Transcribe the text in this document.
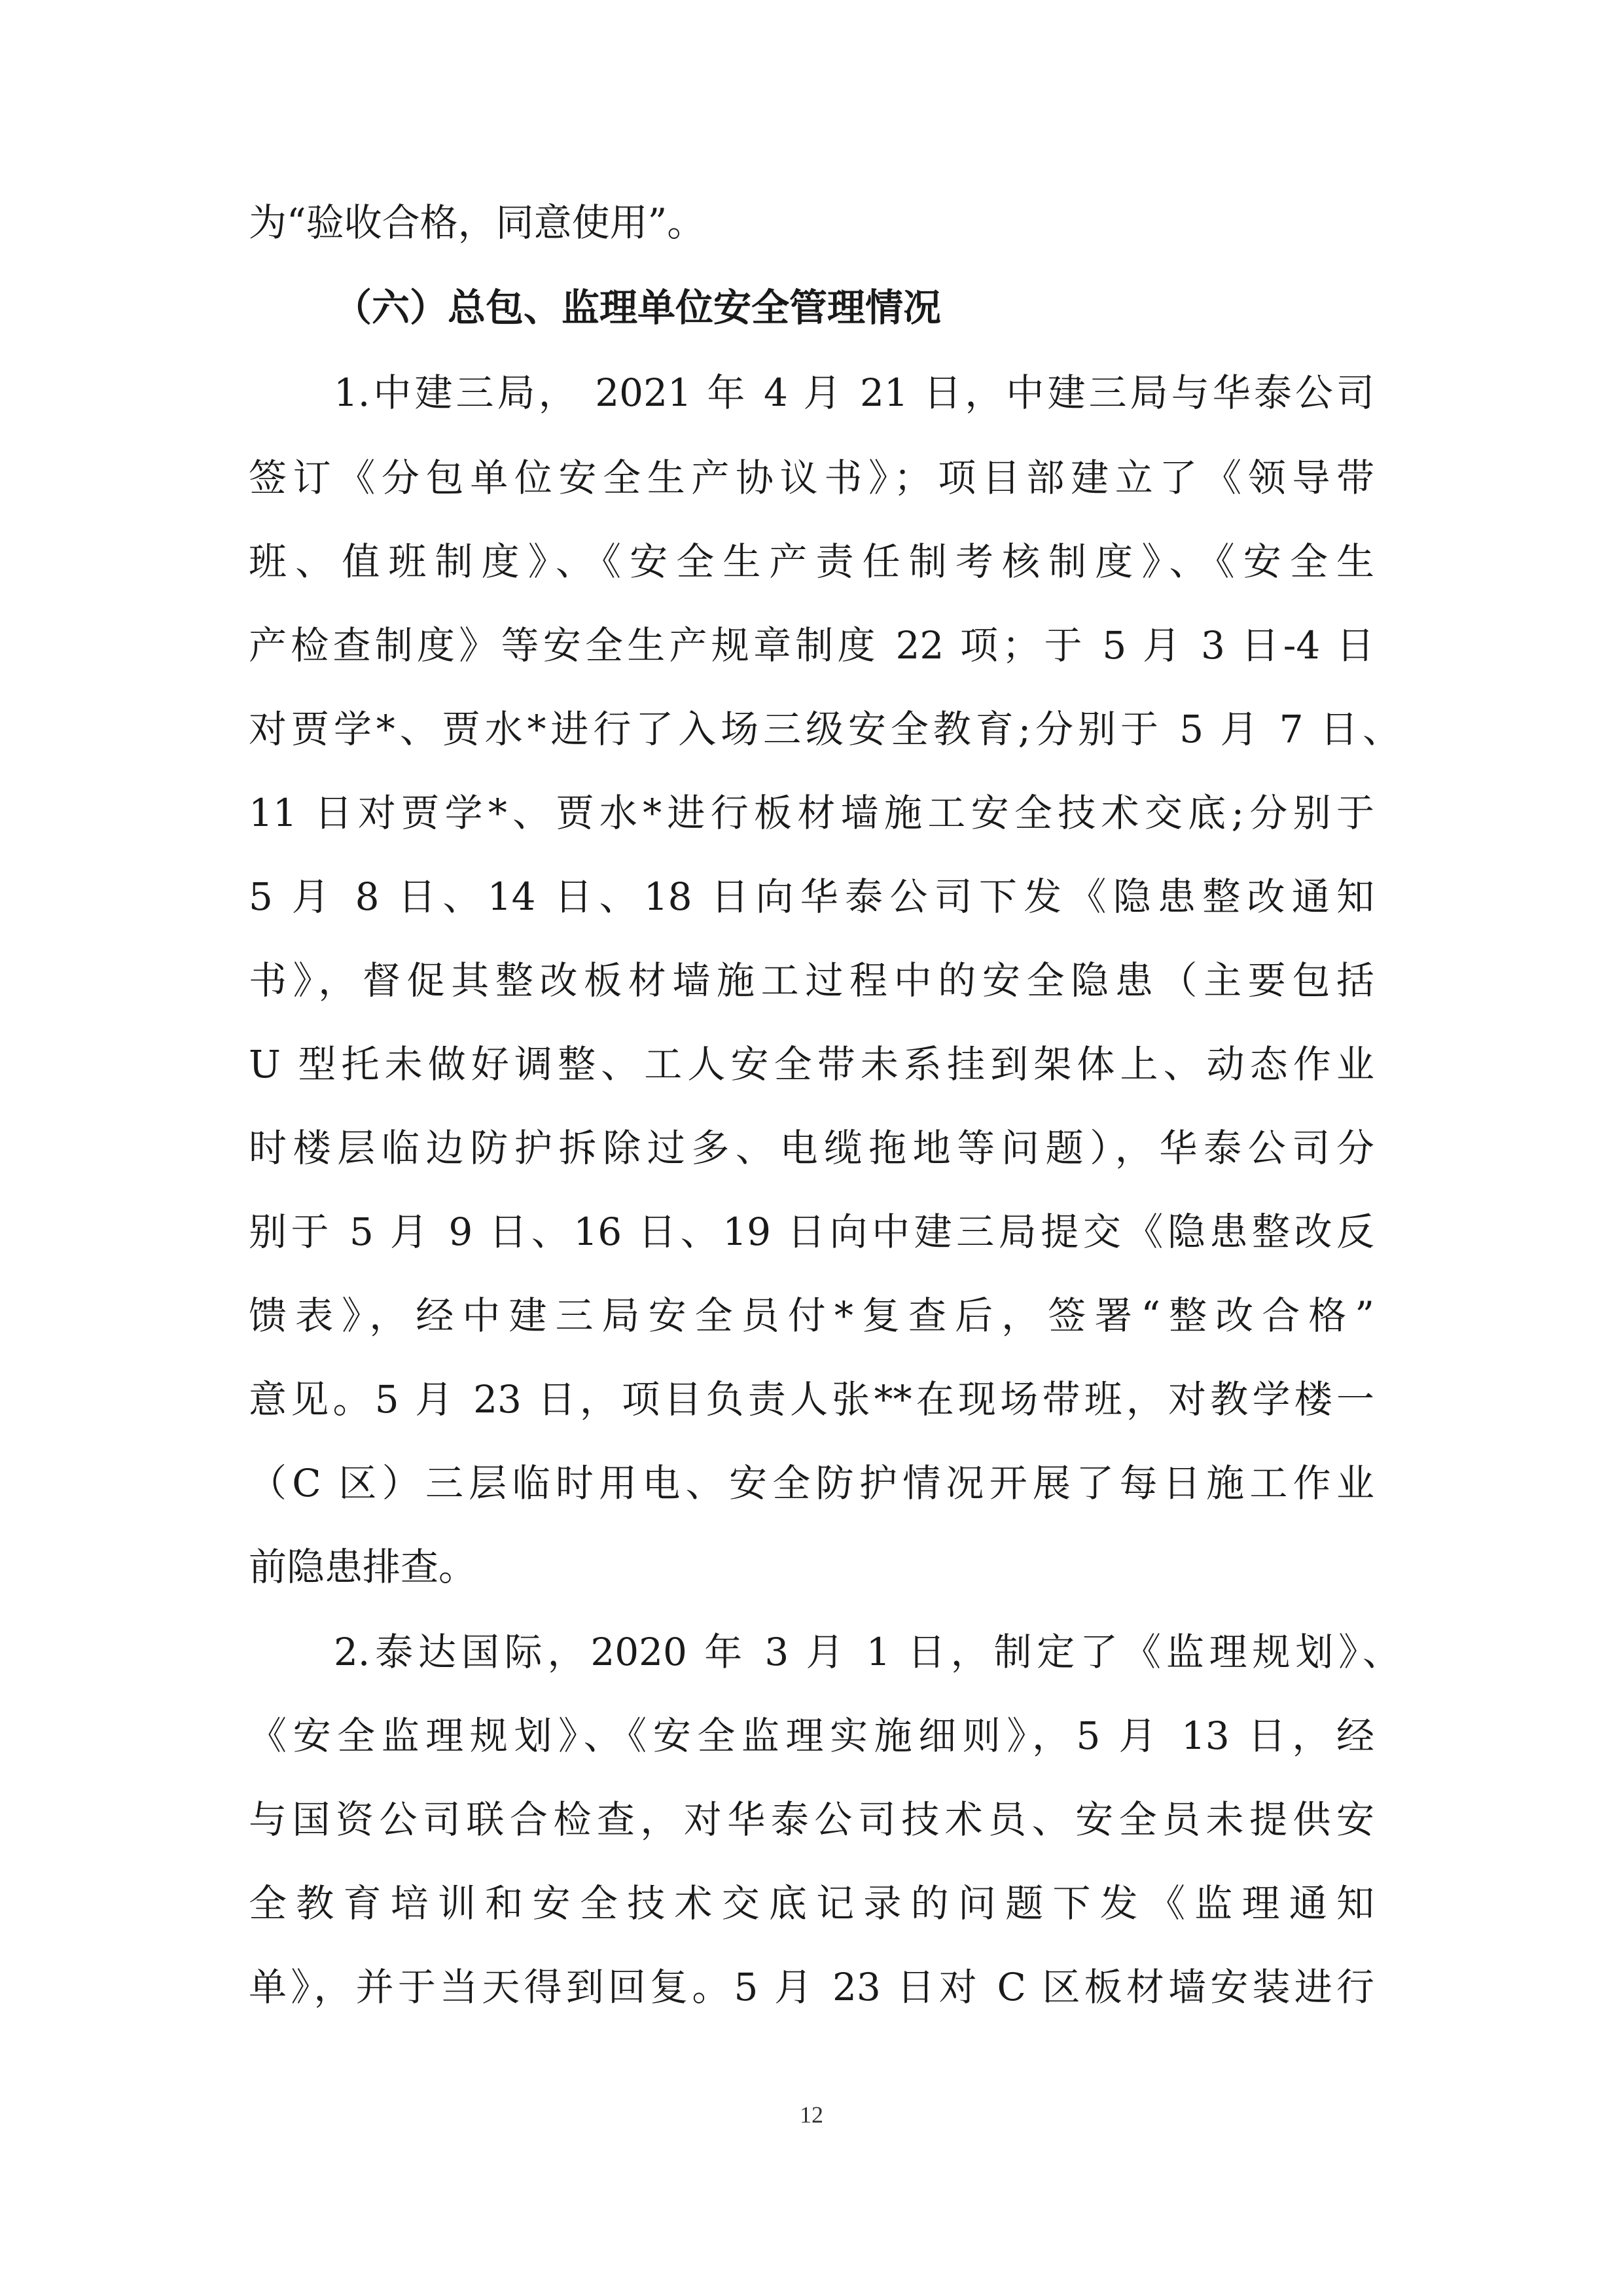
为“验收合格，同意使用”。
（六）总包、监理单位安全管理情况
1.中建三局， 2021 年 4 月 21 日，中建三局与华泰公司
签订《分包单位安全生产协议书》；项目部建立了《领导带
班、值班制度》、《安全生产责任制考核制度》、《安全生
产检查制度》等安全生产规章制度 22 项；于 5 月 3 日-4 日
对贾学*、贾水*进行了入场三级安全教育;分别于 5 月 7 日、
11 日对贾学*、贾水*进行板材墙施工安全技术交底;分别于
5 月 8 日、14 日、18 日向华泰公司下发《隐患整改通知
书》，督促其整改板材墙施工过程中的安全隐患（主要包括
U 型托未做好调整、工人安全带未系挂到架体上、动态作业
时楼层临边防护拆除过多、电缆拖地等问题），华泰公司分
别于 5 月 9 日、16 日、19 日向中建三局提交《隐患整改反
馈表》，经中建三局安全员付*复查后，签署“整改合格”
意见。5 月 23 日，项目负责人张**在现场带班，对教学楼一
（C 区）三层临时用电、安全防护情况开展了每日施工作业
前隐患排查。
2.泰达国际，2020 年 3 月 1 日，制定了《监理规划》、
《安全监理规划》、《安全监理实施细则》，5 月 13 日，经
与国资公司联合检查，对华泰公司技术员、安全员未提供安
全教育培训和安全技术交底记录的问题下发《监理通知
单》，并于当天得到回复。5 月 23 日对 C 区板材墙安装进行
12
